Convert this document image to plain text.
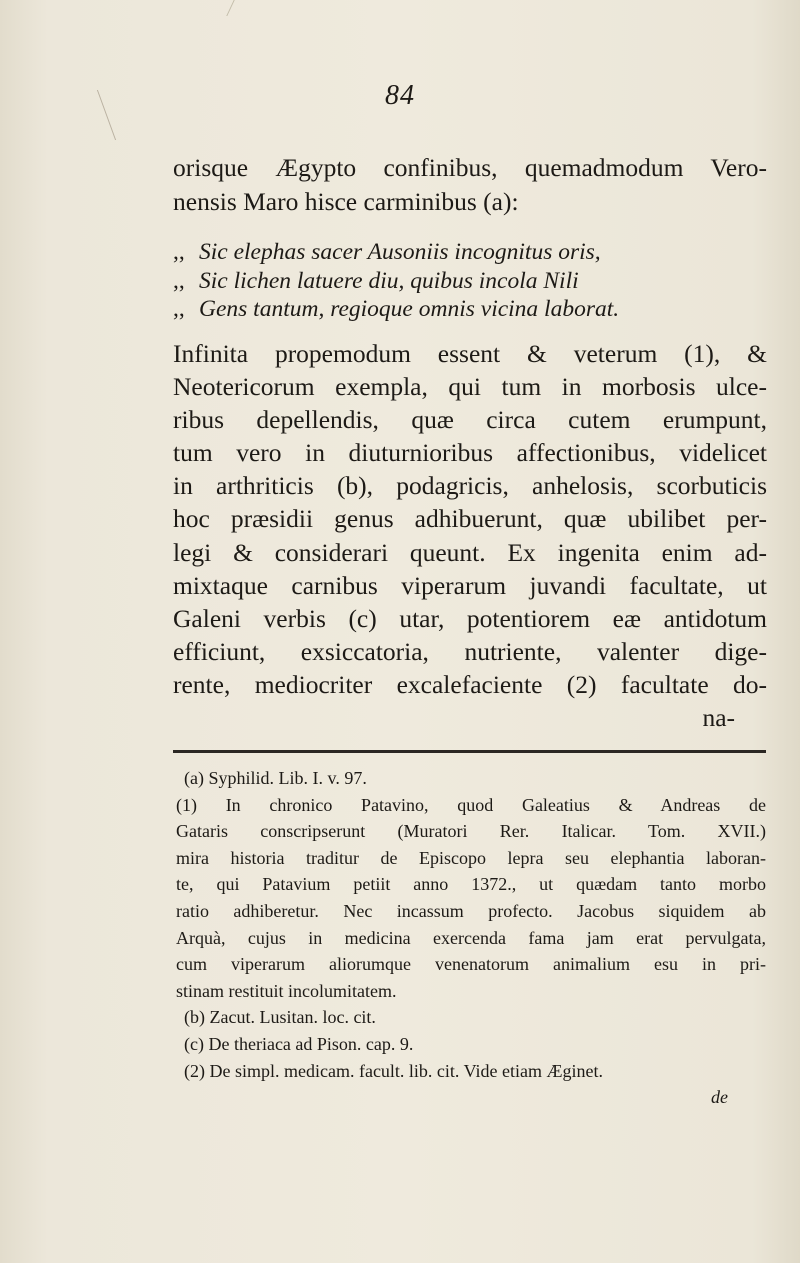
84
orisque Ægypto confinibus, quemadmodum Vero-
nensis Maro hisce carminibus (a):
,, Sic elephas sacer Ausoniis incognitus oris,
,, Sic lichen latuere diu, quibus incola Nili
,, Gens tantum, regioque omnis vicina laborat.
Infinita propemodum essent & veterum (1), &
Neotericorum exempla, qui tum in morbosis ulce-
ribus depellendis, quæ circa cutem erumpunt,
tum vero in diuturnioribus affectionibus, videlicet
in arthriticis (b), podagricis, anhelosis, scorbuticis
hoc præsidii genus adhibuerunt, quæ ubilibet per-
legi & considerari queunt. Ex ingenita enim ad-
mixtaque carnibus viperarum juvandi facultate, ut
Galeni verbis (c) utar, potentiorem eæ antidotum
efficiunt, exsiccatoria, nutriente, valenter dige-
rente, mediocriter excalefaciente (2) facultate do-
na-
(a) Syphilid. Lib. I. v. 97.
(1) In chronico Patavino, quod Galeatius & Andreas de
Gataris conscripserunt (Muratori Rer. Italicar. Tom. XVII.)
mira historia traditur de Episcopo lepra seu elephantia laboran-
te, qui Patavium petiit anno 1372., ut quædam tanto morbo
ratio adhiberetur. Nec incassum profecto. Jacobus siquidem ab
Arquà, cujus in medicina exercenda fama jam erat pervulgata,
cum viperarum aliorumque venenatorum animalium esu in pri-
stinam restituit incolumitatem.
(b) Zacut. Lusitan. loc. cit.
(c) De theriaca ad Pison. cap. 9.
(2) De simpl. medicam. facult. lib. cit. Vide etiam Æginet.
de
